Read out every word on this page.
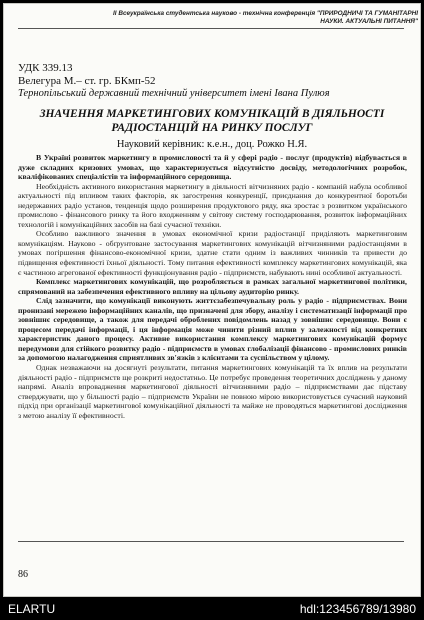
II Всеукраїнська студентська науково - технічна конференція "ПРИРОДНИЧІ ТА ГУМАНІТАРНІ НАУКИ. АКТУАЛЬНІ ПИТАННЯ"
УДК 339.13
Велегура М.– ст. гр. БКмп-52
Тернопільський державний технічний університет імені Івана Пулюя
ЗНАЧЕННЯ МАРКЕТИНГОВИХ КОМУНІКАЦІЙ В ДІЯЛЬНОСТІ РАДІОСТАНЦІЙ НА РИНКУ ПОСЛУГ
Науковий керівник: к.е.н., доц. Рожко Н.Я.

В Україні розвиток маркетингу в промисловості та й у сфері радіо - послуг (продуктів) відбувається в дуже складних кризових умовах, що характеризується відсутністю досвіду, методологічних розробок, кваліфікованих спеціалістів та інформаційного середовища.

Необхідність активного використання маркетингу в діяльності вітчизняних радіо - компаній набула особливої актуальності під впливом таких факторів, як загострення конкуренції, приєднання до конкурентної боротьби недержавних радіо установ, тенденція щодо розширення продуктового ряду, яка зростає з розвитком українського промислово - фінансового ринку та його входженням у світову систему господарювання, розвиток інформаційних технологій і комунікаційних засобів на базі сучасної техніки.

Особливо важливого значення в умовах економічної кризи радіостанції приділяють маркетинговим комунікаціям. Науково - обґрунтоване застосування маркетингових комунікацій вітчизняними радіостанціями в умовах погіршення фінансово-економічної кризи, здатне стати одним із важливих чинників та привести до підвищення ефективності їхньої діяльності. Тому питання ефективності комплексу маркетингових комунікацій, яка є частиною агрегованої ефективності функціонування радіо - підприємств, набувають нині особливої актуальності.

Комплекс маркетингових комунікацій, що розробляється в рамках загальної маркетингової політики, спрямований на забезпечення ефективного впливу на цільову аудиторію ринку.

Слід зазначити, що комунікації виконують життєзабезпечувальну роль у радіо - підприємствах. Вони пронизані мережею інформаційних каналів, що призначені для збору, аналізу і систематизації інформації про зовнішнє середовище, а також для передачі оброблених повідомлень назад у зовнішнє середовище. Вони є процесом передачі інформації, і ця інформація може чинити різний вплив у залежності від конкретних характеристик даного процесу. Активне використання комплексу маркетингових комунікацій формує передумови для стійкого розвитку радіо - підприємств в умовах глобалізації фінансово - промислових ринків за допомогою налагодження сприятливих зв'язків з клієнтами та суспільством у цілому.

Однак незважаючи на досягнуті результати, питання маркетингових комунікацій та їх вплив на результати діяльності радіо - підприємств ще розкриті недостатньо. Це потребує проведення теоретичних досліджень у даному напрямі. Аналіз впровадження маркетингової діяльності вітчизняними радіо – підприємствами дає підставу стверджувати, що у більшості радіо – підприємств України не повною мірою використовується сучасний науковий підхід при організації маркетингової комунікаційної діяльності та майже не проводяться маркетингові дослідження з метою аналізу її ефективності.

86
ELARTU	hdl:123456789/13980
